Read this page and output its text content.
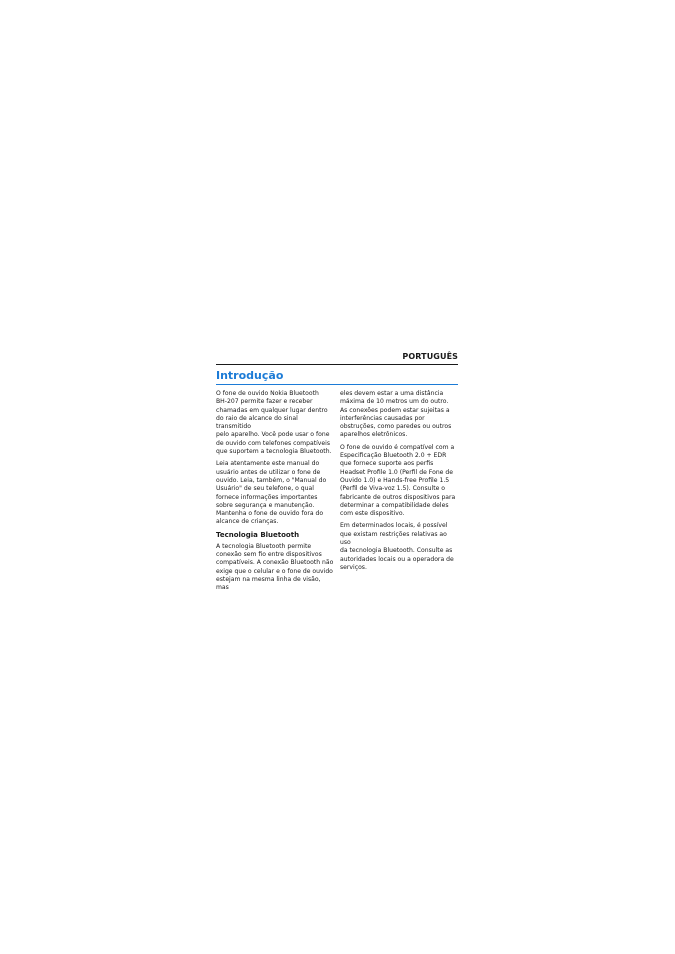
PORTUGUÊS
Introdução

O fone de ouvido Nokia Bluetooth
BH-207 permite fazer e receber
chamadas em qualquer lugar dentro
do raio de alcance do sinal transmitido
pelo aparelho. Você pode usar o fone
de ouvido com telefones compatíveis
que suportem a tecnologia Bluetooth.

Leia atentamente este manual do
usuário antes de utilizar o fone de
ouvido. Leia, também, o "Manual do
Usuário" de seu telefone, o qual
fornece informações importantes
sobre segurança e manutenção.
Mantenha o fone de ouvido fora do
alcance de crianças.

Tecnologia Bluetooth

A tecnologia Bluetooth permite
conexão sem fio entre dispositivos
compatíveis. A conexão Bluetooth não
exige que o celular e o fone de ouvido
estejam na mesma linha de visão, mas

eles devem estar a uma distância
máxima de 10 metros um do outro.
As conexões podem estar sujeitas a
interferências causadas por
obstruções, como paredes ou outros
aparelhos eletrônicos.

O fone de ouvido é compatível com a
Especificação Bluetooth 2.0 + EDR
que fornece suporte aos perfis
Headset Profile 1.0 (Perfil de Fone de
Ouvido 1.0) e Hands-free Profile 1.5
(Perfil de Viva-voz 1.5). Consulte o
fabricante de outros dispositivos para
determinar a compatibilidade deles
com este dispositivo.

Em determinados locais, é possível
que existam restrições relativas ao uso
da tecnologia Bluetooth. Consulte as
autoridades locais ou a operadora de
serviços.
